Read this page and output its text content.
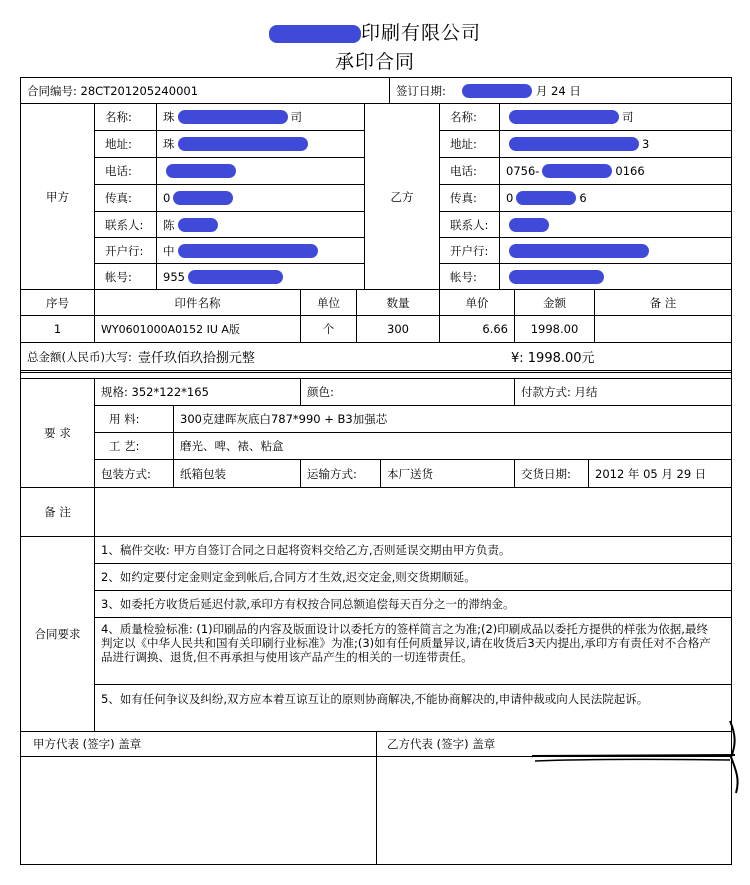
印刷有限公司
承印合同
合同编号:
28CT201205240001	签订日期:	月 24 日
甲方
名称:	珠	司
地址:	珠
电话:
传真:	0
联系人:	陈
开户行:	中
帐号:	955
乙方
名称:	司
地址:	3
电话:	0756-	0166
传真:	0	6
联系人:
开户行:
帐号:
序号	印件名称	单位	数量	单价	金额	备 注
1	WY0601000A0152 IU A版	个	300	6.66	1998.00
总金额(人民币)大写: 壹仟玖佰玖拾捌元整	¥: 1998.00元
要 求
规格: 352*122*165	颜色:	付款方式: 月结
用 料:	300克建晖灰底白787*990 + B3加强芯
工 艺:	磨光、啤、裱、粘盒
包装方式:	纸箱包装	运输方式:	本厂送货	交货日期:	2012 年 05 月 29 日
备 注
合同要求
1、稿件交收: 甲方自签订合同之日起将资料交给乙方,否则延误交期由甲方负责。
2、如约定要付定金则定金到帐后,合同方才生效,迟交定金,则交货期顺延。
3、如委托方收货后延迟付款,承印方有权按合同总额追偿每天百分之一的滞纳金。
4、质量检验标准: (1)印刷品的内容及版面设计以委托方的签样简言之为准;(2)印刷成品以委托方提供的样张为依据,最终判定以《中华人民共和国有关印刷行业标准》为准;(3)如有任何质量异议,请在收货后3天内提出,承印方有责任对不合格产品进行调换、退货,但不再承担与使用该产品产生的相关的一切连带责任。
5、如有任何争议及纠纷,双方应本着互谅互让的原则协商解决,不能协商解决的,申请仲裁或向人民法院起诉。
甲方代表 (签字) 盖章	乙方代表 (签字) 盖章
